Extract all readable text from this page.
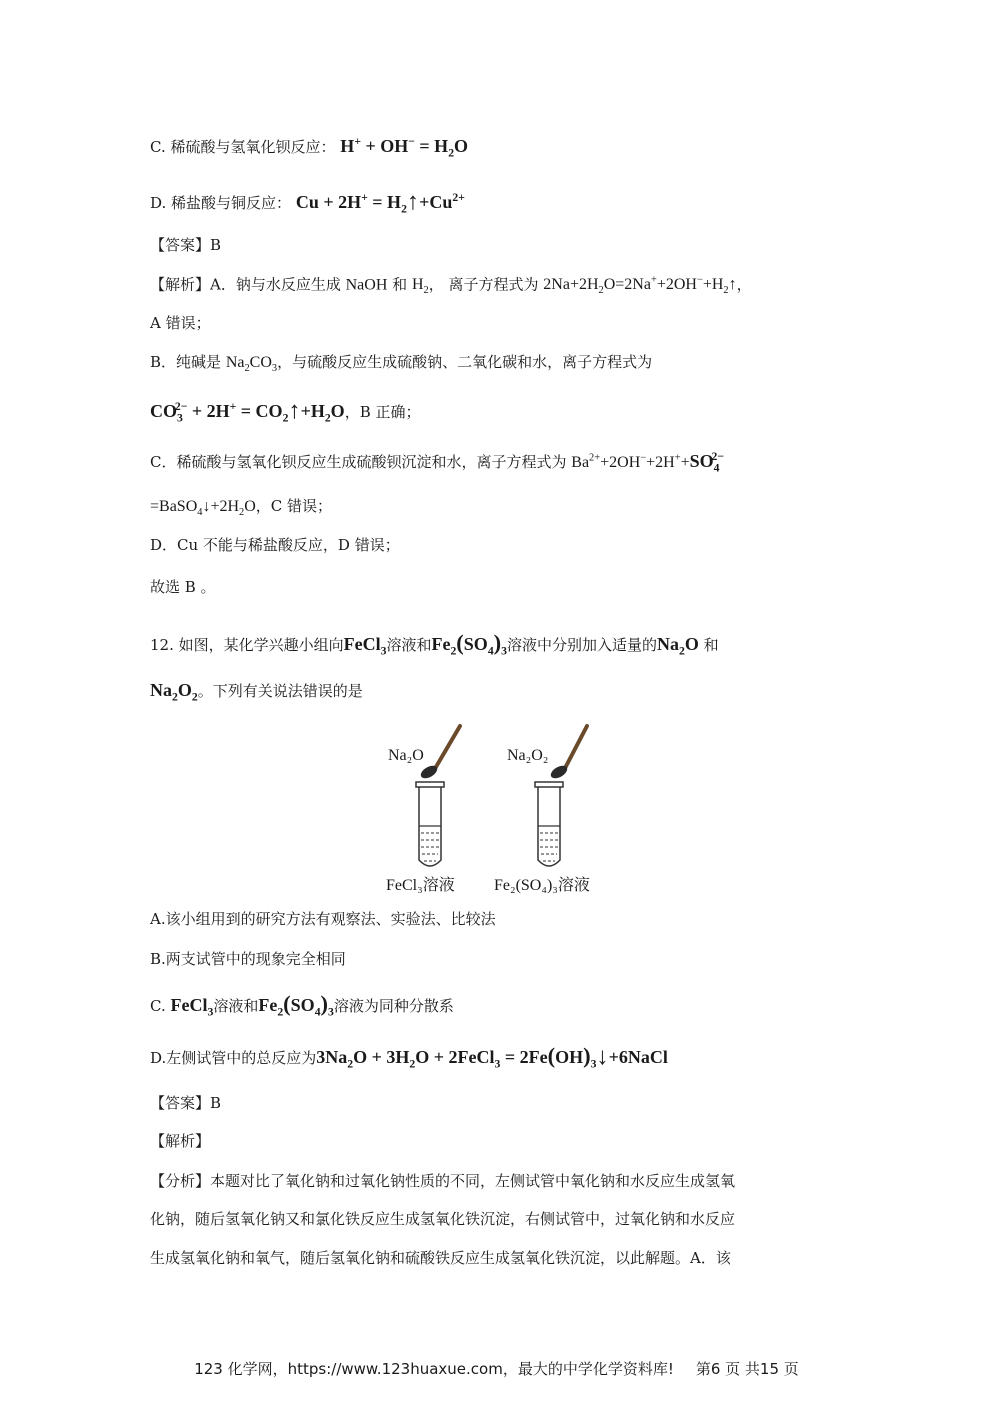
C. 稀硫酸与氢氧化钡反应： $H^+ + OH^- = H_2O$
D. 稀盐酸与铜反应： $Cu + 2H^+ = H_2↑+Cu^{2+}$
【答案】B
【解析】A．钠与水反应生成 NaOH 和 $H_2$， 离子方程式为 $2Na+2H_2O=2Na^++2OH^-+H_2↑$，
A 错误；
B．纯碱是 $Na_2CO_3$，与硫酸反应生成硫酸钠、二氧化碳和水，离子方程式为
$CO_3^{2-} + 2H^+$ = $CO_2↑+H_2O$，B 正确；
C．稀硫酸与氢氧化钡反应生成硫酸钡沉淀和水，离子方程式为 $Ba^{2+}+2OH^-+2H^++SO_4^{2-}$
$=BaSO_4↓+2H_2O$，C 错误；
D．Cu 不能与稀盐酸反应，D 错误；
故选 B 。
12. 如图，某化学兴趣小组向FeCl$_3$溶液和$Fe_2(SO_4)_3$溶液中分别加入适量的$Na_2O$ 和
$Na_2O_2$。下列有关说法错误的是
Na₂O
FeCl₃溶液
Na₂O₂
Fe₂(SO₄)₃溶液
A.该小组用到的研究方法有观察法、实验法、比较法
B.两支试管中的现象完全相同
C. FeCl$_3$溶液和$Fe_2(SO_4)_3$溶液为同种分散系
D.左侧试管中的总反应为$3Na_2O + 3H_2O$ + 2FeCl$_3$ = $2Fe(OH)_3↓+6NaCl$
【答案】B
【解析】
【分析】本题对比了氧化钠和过氧化钠性质的不同，左侧试管中氧化钠和水反应生成氢氧
化钠，随后氢氧化钠又和氯化铁反应生成氢氧化铁沉淀，右侧试管中，过氧化钠和水反应
生成氢氧化钠和氧气，随后氢氧化钠和硫酸铁反应生成氢氧化铁沉淀，以此解题。A．该
123 化学网，https://www.123huaxue.com，最大的中学化学资料库! 第6 页 共15 页
